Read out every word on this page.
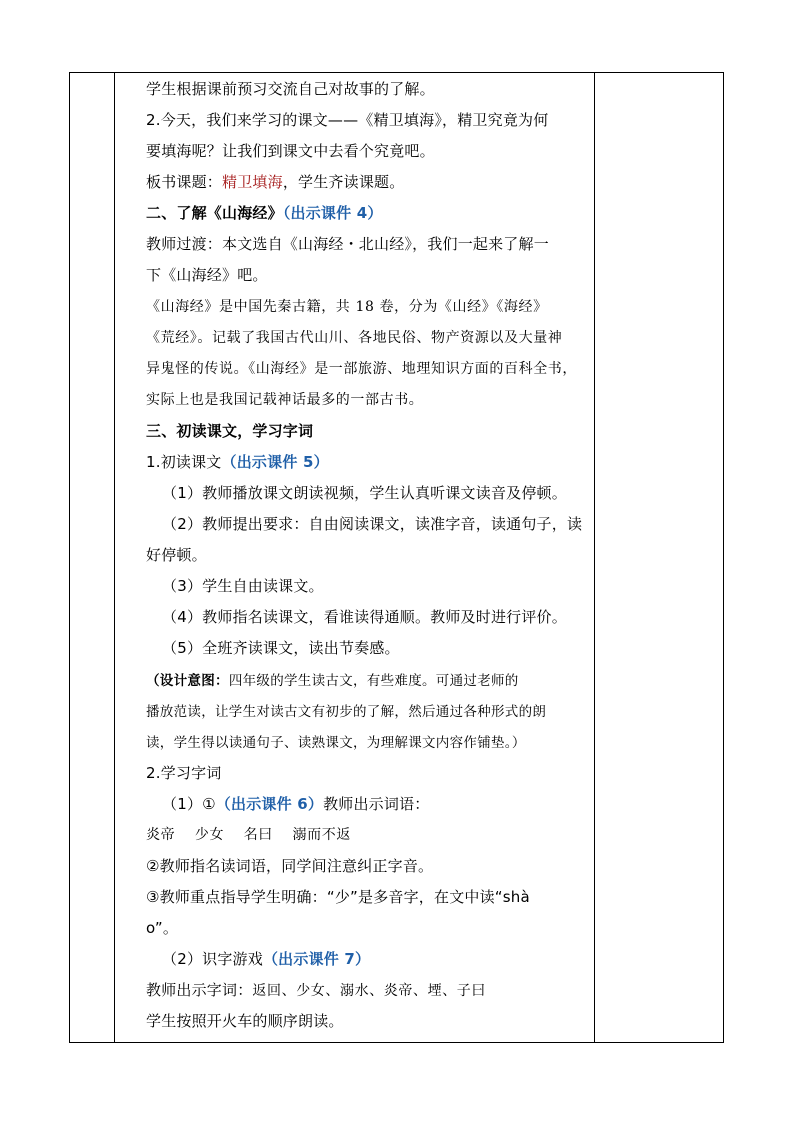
学生根据课前预习交流自己对故事的了解。
2.今天，我们来学习的课文——《精卫填海》，精卫究竟为何
要填海呢？让我们到课文中去看个究竟吧。
板书课题：精卫填海，学生齐读课题。
二、了解《山海经》（出示课件 4）
教师过渡：本文选自《山海经・北山经》，我们一起来了解一
下《山海经》吧。
《山海经》是中国先秦古籍，共 18 卷，分为《山经》《海经》
《荒经》。记载了我国古代山川、各地民俗、物产资源以及大量神
异鬼怪的传说。《山海经》是一部旅游、地理知识方面的百科全书，
实际上也是我国记载神话最多的一部古书。
三、初读课文，学习字词
1.初读课文（出示课件 5）
（1）教师播放课文朗读视频，学生认真听课文读音及停顿。
（2）教师提出要求：自由阅读课文，读准字音，读通句子，读
好停顿。
（3）学生自由读课文。
（4）教师指名读课文，看谁读得通顺。教师及时进行评价。
（5）全班齐读课文，读出节奏感。
（设计意图：四年级的学生读古文，有些难度。可通过老师的
播放范读，让学生对读古文有初步的了解，然后通过各种形式的朗
读，学生得以读通句子、读熟课文，为理解课文内容作铺垫。）
2.学习字词
（1）①（出示课件 6）教师出示词语：
炎帝　 少女　 名曰　 溺而不返
②教师指名读词语，同学间注意纠正字音。
③教师重点指导学生明确：“少”是多音字，在文中读“shà
o”。
（2）识字游戏（出示课件 7）
教师出示字词：返回、少女、溺水、炎帝、堙、子曰
学生按照开火车的顺序朗读。
